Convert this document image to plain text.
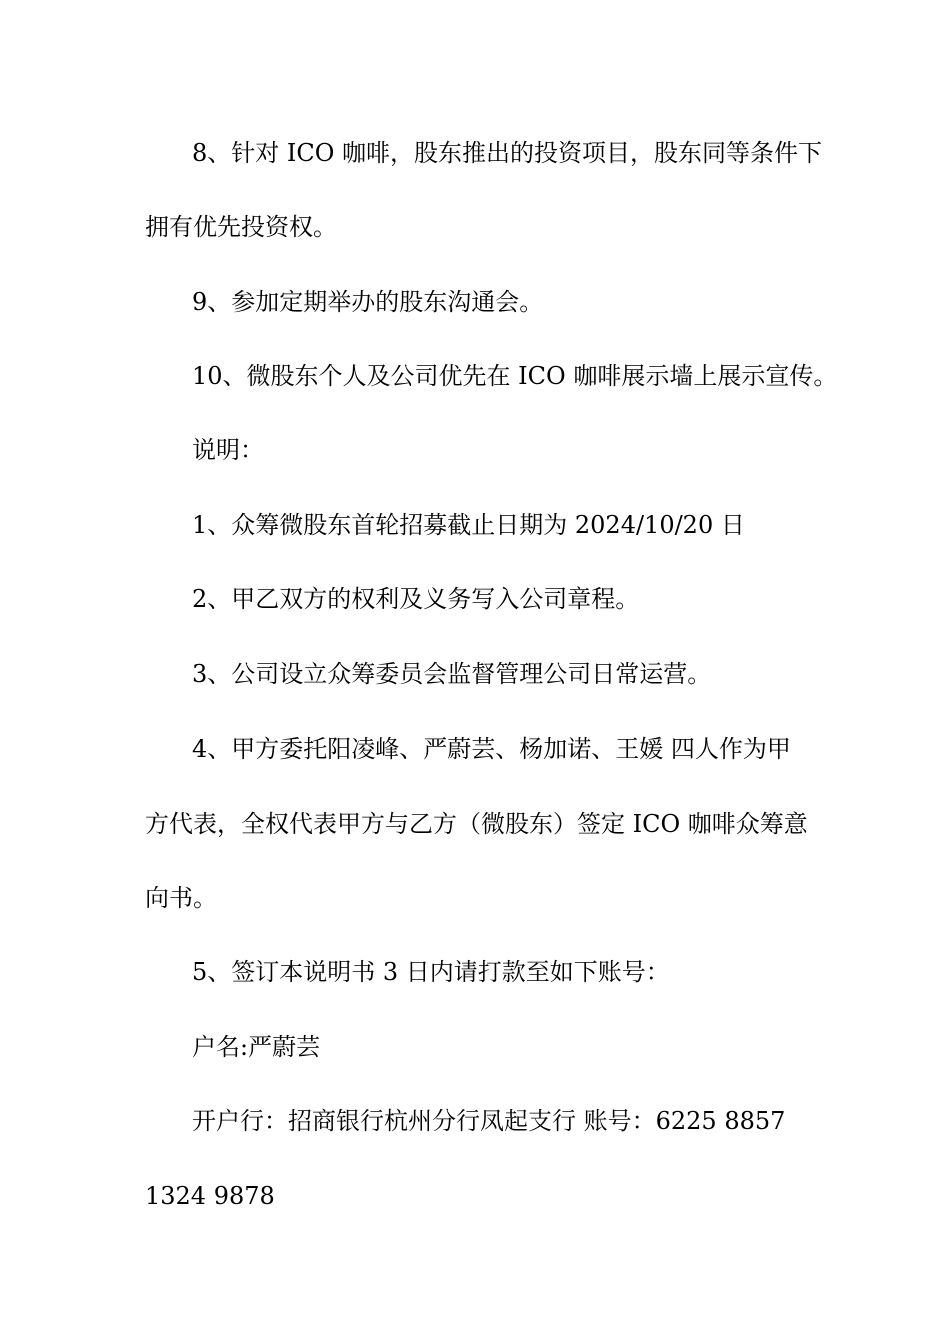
8、针对 ICO 咖啡，股东推出的投资项目，股东同等条件下
拥有优先投资权。
9、参加定期举办的股东沟通会。
10、微股东个人及公司优先在 ICO 咖啡展示墙上展示宣传。
说明：
1、众筹微股东首轮招募截止日期为 2024/10/20 日
2、甲乙双方的权利及义务写入公司章程。
3、公司设立众筹委员会监督管理公司日常运营。
4、甲方委托阳凌峰、严蔚芸、杨加诺、王媛 四人作为甲
方代表，全权代表甲方与乙方（微股东）签定 ICO 咖啡众筹意
向书。
5、签订本说明书 3 日内请打款至如下账号：
户名:严蔚芸
开户行：招商银行杭州分行凤起支行 账号：6225 8857
1324 9878
